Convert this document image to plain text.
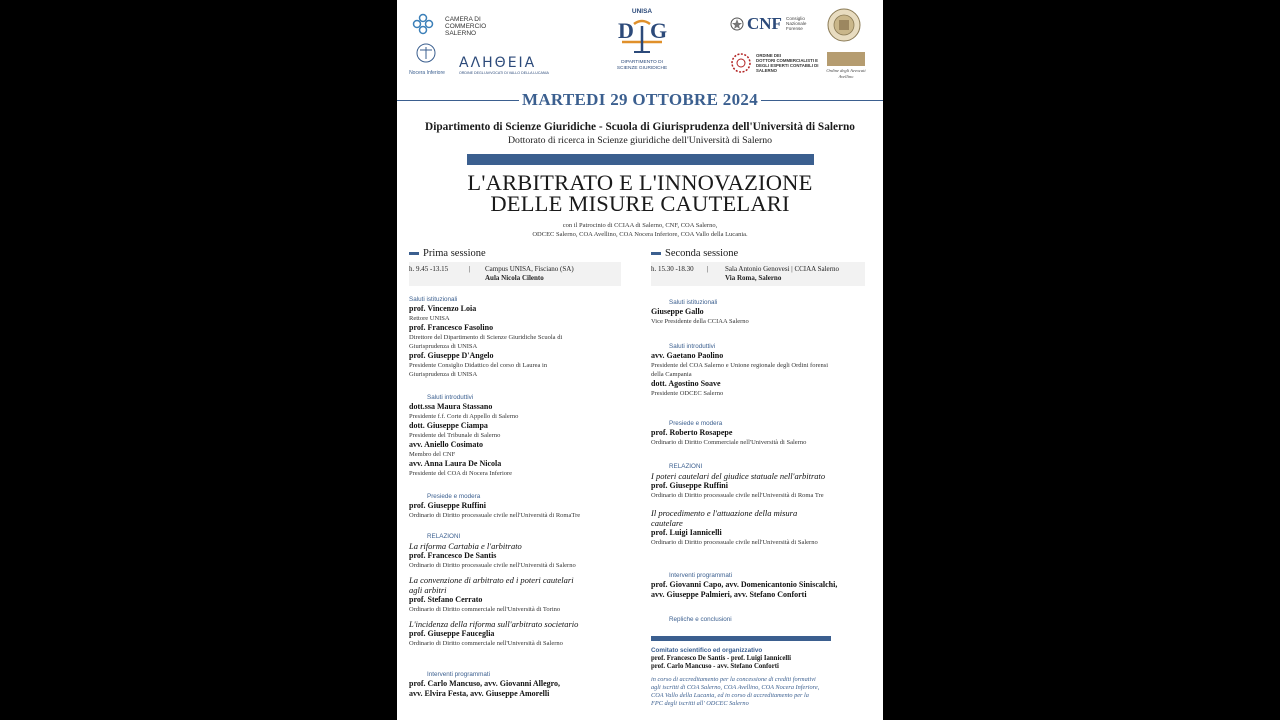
CAMERA DI COMMERCIO
SALERNO
Nocera Inferiore
ΑΛΗΘΕΙΑ
ORDINE DEGLI AVVOCATI DI VALLO DELLA LUCANIA
UNISA
D G
DIPARTIMENTO DI
SCIENZE GIURIDICHE
CNF Consiglio
Nazionale
Forense
ORDINE DEI
DOTTORI COMMERCIALISTI E
DEGLI ESPERTI CONTABILI DI
SALERNO	Ordine degli Avvocati
Avellino
MARTEDI 29 OTTOBRE 2024
Dipartimento di Scienze Giuridiche - Scuola di Giurisprudenza dell'Università di Salerno
Dottorato di ricerca in Scienze giuridiche dell'Università di Salerno
L'ARBITRATO E L'INNOVAZIONE
DELLE MISURE CAUTELARI
con il Patrocinio di CCIAA di Salerno, CNF, COA Salerno,
ODCEC Salerno, COA Avellino, COA Nocera Inferiore, COA Vallo della Lucania.
Prima sessione
h. 9.45 -13.15	| Campus UNISA, Fisciano (SA)
Aula Nicola Cilento
Saluti istituzionali
prof. Vincenzo Loia
Rettore UNISA
prof. Francesco Fasolino
Direttore del Dipartimento di Scienze Giuridiche Scuola di
Giurisprudenza di UNISA
prof. Giuseppe D'Angelo
Presidente Consiglio Didattico del corso di Laurea in
Giurisprudenza di UNISA
Saluti introduttivi
dott.ssa Maura Stassano
Presidente f.f. Corte di Appello di Salerno
dott. Giuseppe Ciampa
Presidente del Tribunale di Salerno
avv. Aniello Cosimato
Membro del CNF
avv. Anna Laura De Nicola
Presidente del COA di Nocera Inferiore
Presiede e modera
prof. Giuseppe Ruffini
Ordinario di Diritto processuale civile nell'Università di RomaTre
RELAZIONI
La riforma Cartabia e l'arbitrato
prof. Francesco De Santis
Ordinario di Diritto processuale civile nell'Università di Salerno
La convenzione di arbitrato ed i poteri cautelari
agli arbitri
prof. Stefano Cerrato
Ordinario di Diritto commerciale nell'Università di Torino
L'incidenza della riforma sull'arbitrato societario
prof. Giuseppe Fauceglia
Ordinario di Diritto commerciale nell'Università di Salerno
Interventi programmati
prof. Carlo Mancuso, avv. Giovanni Allegro,
avv. Elvira Festa, avv. Giuseppe Amorelli
Seconda sessione
h. 15.30 -18.30 | Sala Antonio Genovesi | CCIAA Salerno
Via Roma, Salerno
Saluti istituzionali
Giuseppe Gallo
Vice Presidente della CCIAA Salerno
Saluti introduttivi
avv. Gaetano Paolino
Presidente del COA Salerno e Unione regionale degli Ordini forensi
della Campania
dott. Agostino Soave
Presidente ODCEC Salerno
Presiede e modera
prof. Roberto Rosapepe
Ordinario di Diritto Commerciale nell'Università di Salerno
RELAZIONI
I poteri cautelari del giudice statuale nell'arbitrato
prof. Giuseppe Ruffini
Ordinario di Diritto processuale civile nell'Università di Roma Tre
Il procedimento e l'attuazione della misura
cautelare
prof. Luigi Iannicelli
Ordinario di Diritto processuale civile nell'Università di Salerno
Interventi programmati
prof. Giovanni Capo, avv. Domenicantonio Siniscalchi,
avv. Giuseppe Palmieri, avv. Stefano Conforti
Repliche e conclusioni
Comitato scientifico ed organizzativo
prof. Francesco De Santis - prof. Luigi Iannicelli
prof. Carlo Mancuso - avv. Stefano Conforti
in corso di accreditamento per la concessione di crediti formativi
agli iscritti di COA Salerno, COA Avellino, COA Nocera Inferiore,
COA Vallo della Lucania, ed in corso di accreditamento per la
FPC degli iscritti all' ODCEC Salerno
